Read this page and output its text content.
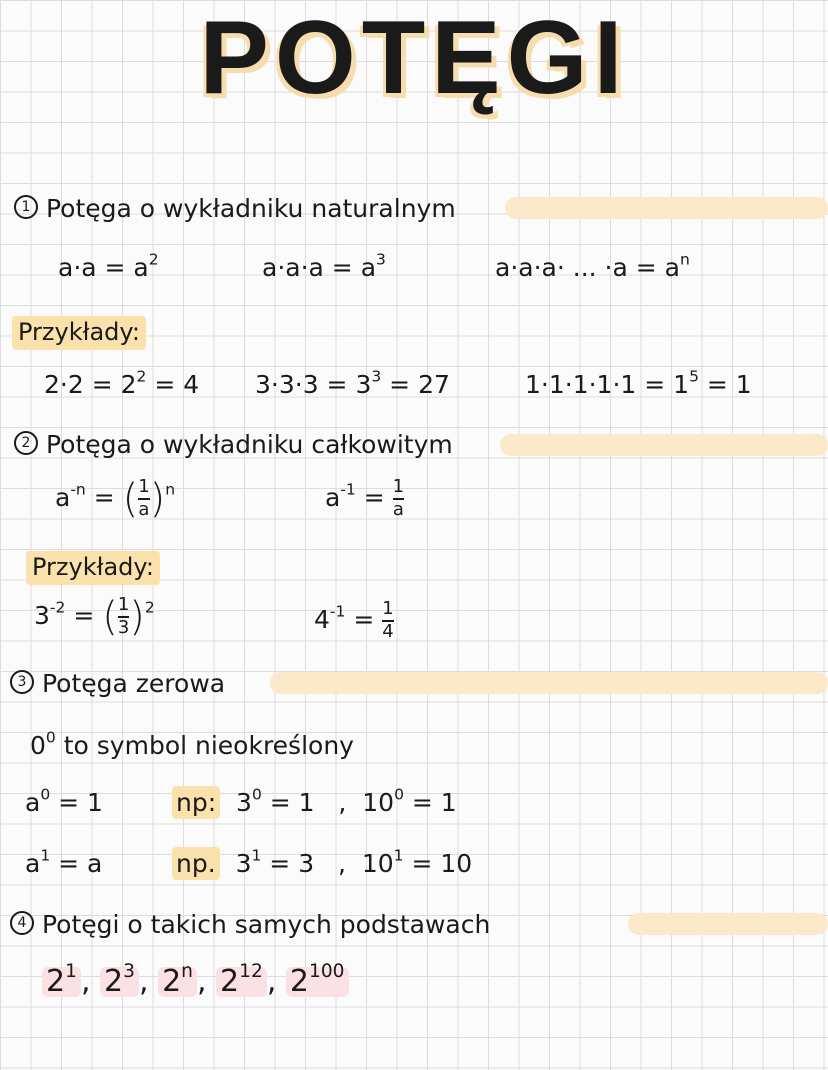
POTĘGI
1 Potęga o wykładniku naturalnym
$a\cdot a = a^2$	$a\cdot a\cdot a = a^3$	a·a·a· ... $\cdot a = a^n$
Przykłady:
$2\cdot 2 = 2^2 = 4$ $3\cdot 3\cdot 3 = 3^3 = 27$	$1\cdot 1\cdot 1\cdot 1\cdot 1 = 1^5 = 1$
2 Potęga o wykładniku całkowitym
$a^{-n}$ = ( $\frac{1}{a} )^n$	$a^{-1} = \frac{1}{a}$
Przykłady:
$3^{-2}$ = ( $\frac{1}{3} )^2$	$4^{-1} = \frac{1}{4}$
3 Potęga zerowa
$0^0$ to symbol nieokreślony
$a^0 = 1$	np: $3^0 = 1$ , $10^0 = 1$
$a^1 = a$	np. $3^1 = 3$ , $10^1 = 10$
4 Potęgi o takich samych podstawach
$2^1$ , $2^3$ , 2$^n$ , $2^{12}$ , $2^{100}$
